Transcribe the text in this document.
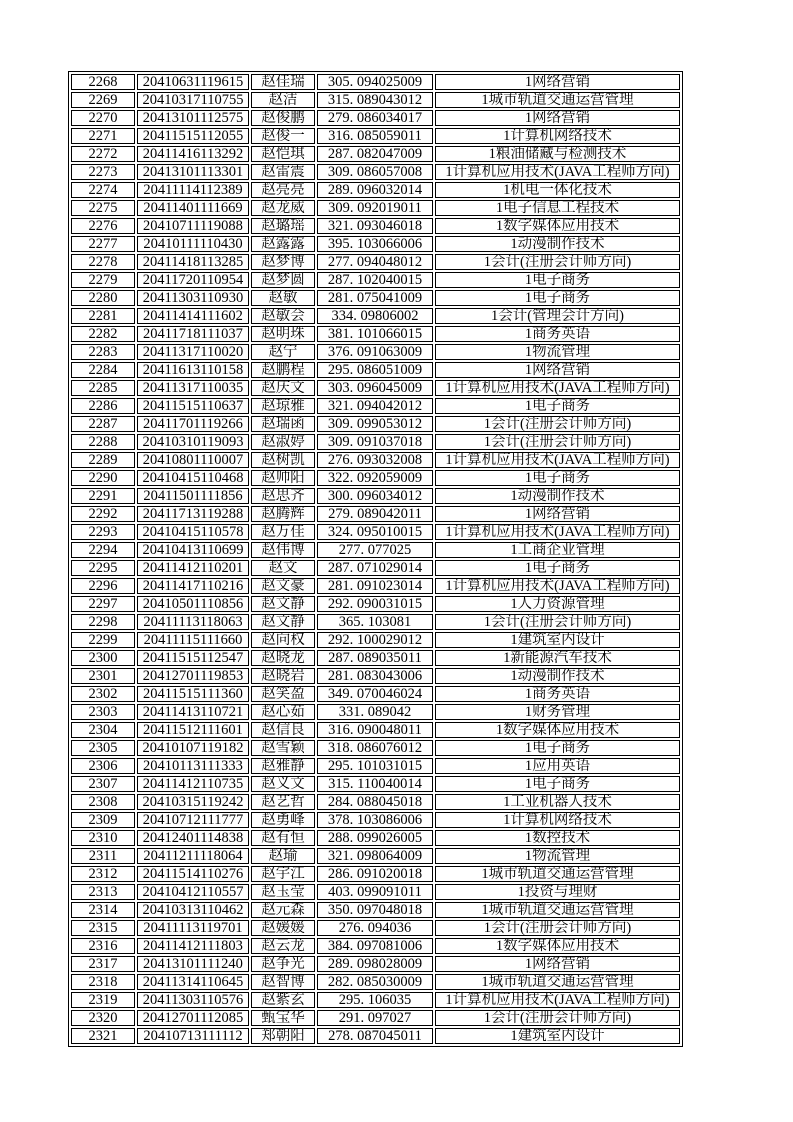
2268	20410631119615	赵佳瑞	305. 094025009	1网络营销
2269	20410317110755	赵洁	315. 089043012	1城市轨道交通运营管理
2270	20413101112575	赵俊鹏	279. 086034017	1网络营销
2271	20411515112055	赵俊一	316. 085059011	1计算机网络技术
2272	20411416113292	赵恺琪	287. 082047009	1粮油储藏与检测技术
2273	20413101113301	赵雷震	309. 086057008	1计算机应用技术(JAVA工程师方向)
2274	20411114112389	赵亮亮	289. 096032014	1机电一体化技术
2275	20411401111669	赵龙威	309. 092019011	1电子信息工程技术
2276	20410711119088	赵璐瑶	321. 093046018	1数字媒体应用技术
2277	20410111110430	赵露露	395. 103066006	1动漫制作技术
2278	20411418113285	赵梦博	277. 094048012	1会计(注册会计师方向)
2279	20411720110954	赵梦圆	287. 102040015	1电子商务
2280	20411303110930	赵敏	281. 075041009	1电子商务
2281	20411414111602	赵敏会	334. 09806002	1会计(管理会计方向)
2282	20411718111037	赵明珠	381. 101066015	1商务英语
2283	20411317110020	赵宁	376. 091063009	1物流管理
2284	20411613110158	赵鹏程	295. 086051009	1网络营销
2285	20411317110035	赵庆文	303. 096045009	1计算机应用技术(JAVA工程师方向)
2286	20411515110637	赵琼雅	321. 094042012	1电子商务
2287	20411701119266	赵瑞函	309. 099053012	1会计(注册会计师方向)
2288	20410310119093	赵淑婷	309. 091037018	1会计(注册会计师方向)
2289	20410801110007	赵树凯	276. 093032008	1计算机应用技术(JAVA工程师方向)
2290	20410415110468	赵帅阳	322. 092059009	1电子商务
2291	20411501111856	赵思齐	300. 096034012	1动漫制作技术
2292	20411713119288	赵腾辉	279. 089042011	1网络营销
2293	20410415110578	赵万佳	324. 095010015	1计算机应用技术(JAVA工程师方向)
2294	20410413110699	赵伟博	277. 077025	1工商企业管理
2295	20411412110201	赵文	287. 071029014	1电子商务
2296	20411417110216	赵文豪	281. 091023014	1计算机应用技术(JAVA工程师方向)
2297	20410501110856	赵文静	292. 090031015	1人力资源管理
2298	20411113118063	赵文静	365. 103081	1会计(注册会计师方向)
2299	20411115111660	赵向权	292. 100029012	1建筑室内设计
2300	20411515112547	赵晓龙	287. 089035011	1新能源汽车技术
2301	20412701119853	赵晓岩	281. 083043006	1动漫制作技术
2302	20411515111360	赵笑盈	349. 070046024	1商务英语
2303	20411413110721	赵心茹	331. 089042	1财务管理
2304	20411512111601	赵信良	316. 090048011	1数字媒体应用技术
2305	20410107119182	赵雪颖	318. 086076012	1电子商务
2306	20410113111333	赵雅静	295. 101031015	1应用英语
2307	20411412110735	赵义文	315. 110040014	1电子商务
2308	20410315119242	赵艺哲	284. 088045018	1工业机器人技术
2309	20410712111777	赵勇峰	378. 103086006	1计算机网络技术
2310	20412401114838	赵有恒	288. 099026005	1数控技术
2311	20411211118064	赵瑜	321. 098064009	1物流管理
2312	20411514110276	赵宇江	286. 091020018	1城市轨道交通运营管理
2313	20410412110557	赵玉莹	403. 099091011	1投资与理财
2314	20410313110462	赵元森	350. 097048018	1城市轨道交通运营管理
2315	20411113119701	赵媛媛	276. 094036	1会计(注册会计师方向)
2316	20411412111803	赵云龙	384. 097081006	1数字媒体应用技术
2317	20413101111240	赵争光	289. 098028009	1网络营销
2318	20411314110645	赵智博	282. 085030009	1城市轨道交通运营管理
2319	20411303110576	赵紫玄	295. 106035	1计算机应用技术(JAVA工程师方向)
2320	20412701112085	甄宝华	291. 097027	1会计(注册会计师方向)
2321	20410713111112	郑朝阳	278. 087045011	1建筑室内设计
